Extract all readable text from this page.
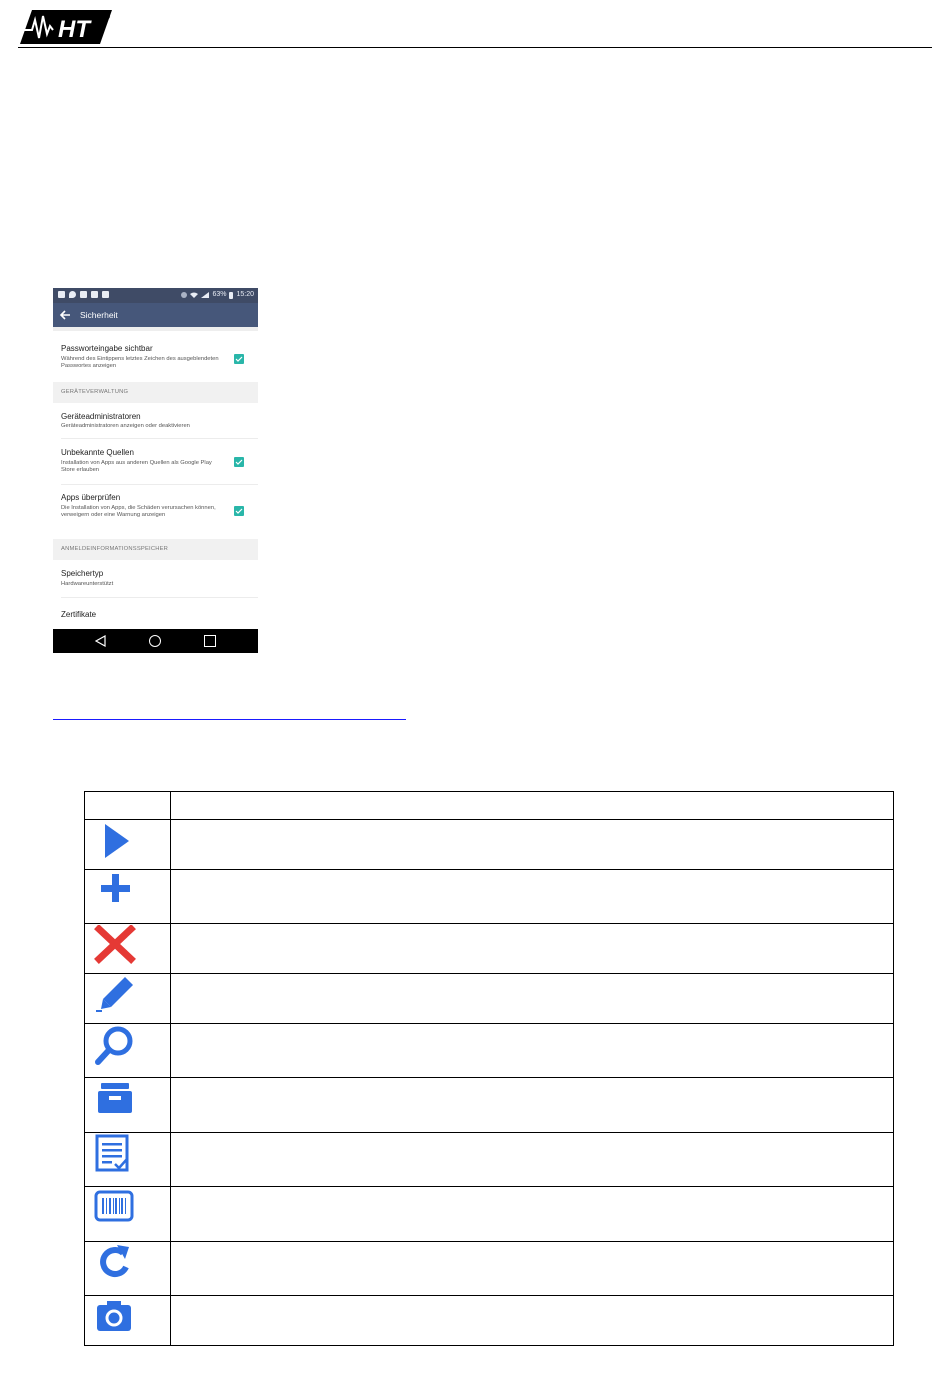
HT	®
63% 15:20
Sicherheit
Passworteingabe sichtbar
Während des Eintippens letztes Zeichen des ausgeblendeten Passwortes anzeigen
GERÄTEVERWALTUNG
Geräteadministratoren
Geräteadministratoren anzeigen oder deaktivieren
Unbekannte Quellen
Installation von Apps aus anderen Quellen als Google Play Store erlauben
Apps überprüfen
Die Installation von Apps, die Schäden verursachen können, verweigern oder eine Warnung anzeigen
ANMELDEINFORMATIONSSPEICHER
Speichertyp
Hardwareunterstützt
Zertifikate
